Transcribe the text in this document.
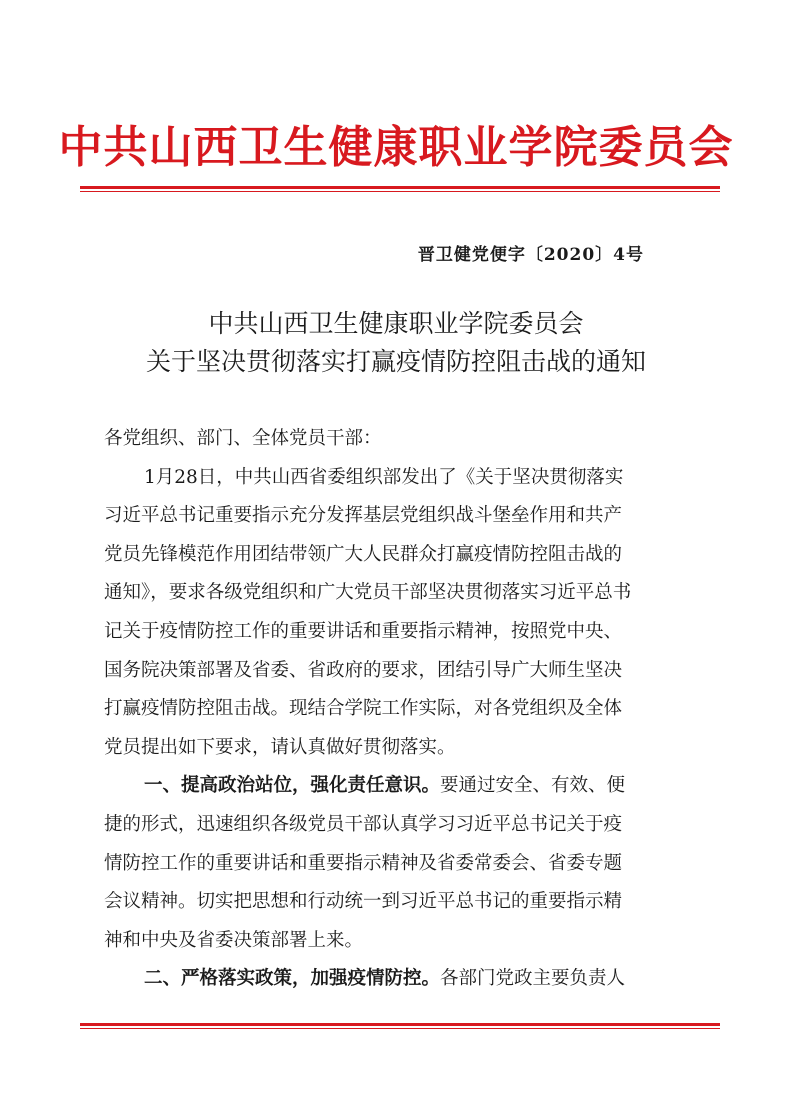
中共山西卫生健康职业学院委员会
晋卫健党便字〔2020〕4号
中共山西卫生健康职业学院委员会
关于坚决贯彻落实打赢疫情防控阻击战的通知

各党组织、部门、全体党员干部：

1月28日，中共山西省委组织部发出了《关于坚决贯彻落实

习近平总书记重要指示充分发挥基层党组织战斗堡垒作用和共产

党员先锋模范作用团结带领广大人民群众打赢疫情防控阻击战的

通知》，要求各级党组织和广大党员干部坚决贯彻落实习近平总书

记关于疫情防控工作的重要讲话和重要指示精神，按照党中央、

国务院决策部署及省委、省政府的要求，团结引导广大师生坚决

打赢疫情防控阻击战。现结合学院工作实际，对各党组织及全体

党员提出如下要求，请认真做好贯彻落实。

一、提高政治站位，强化责任意识。要通过安全、有效、便

捷的形式，迅速组织各级党员干部认真学习习近平总书记关于疫

情防控工作的重要讲话和重要指示精神及省委常委会、省委专题

会议精神。切实把思想和行动统一到习近平总书记的重要指示精

神和中央及省委决策部署上来。

二、严格落实政策，加强疫情防控。各部门党政主要负责人
